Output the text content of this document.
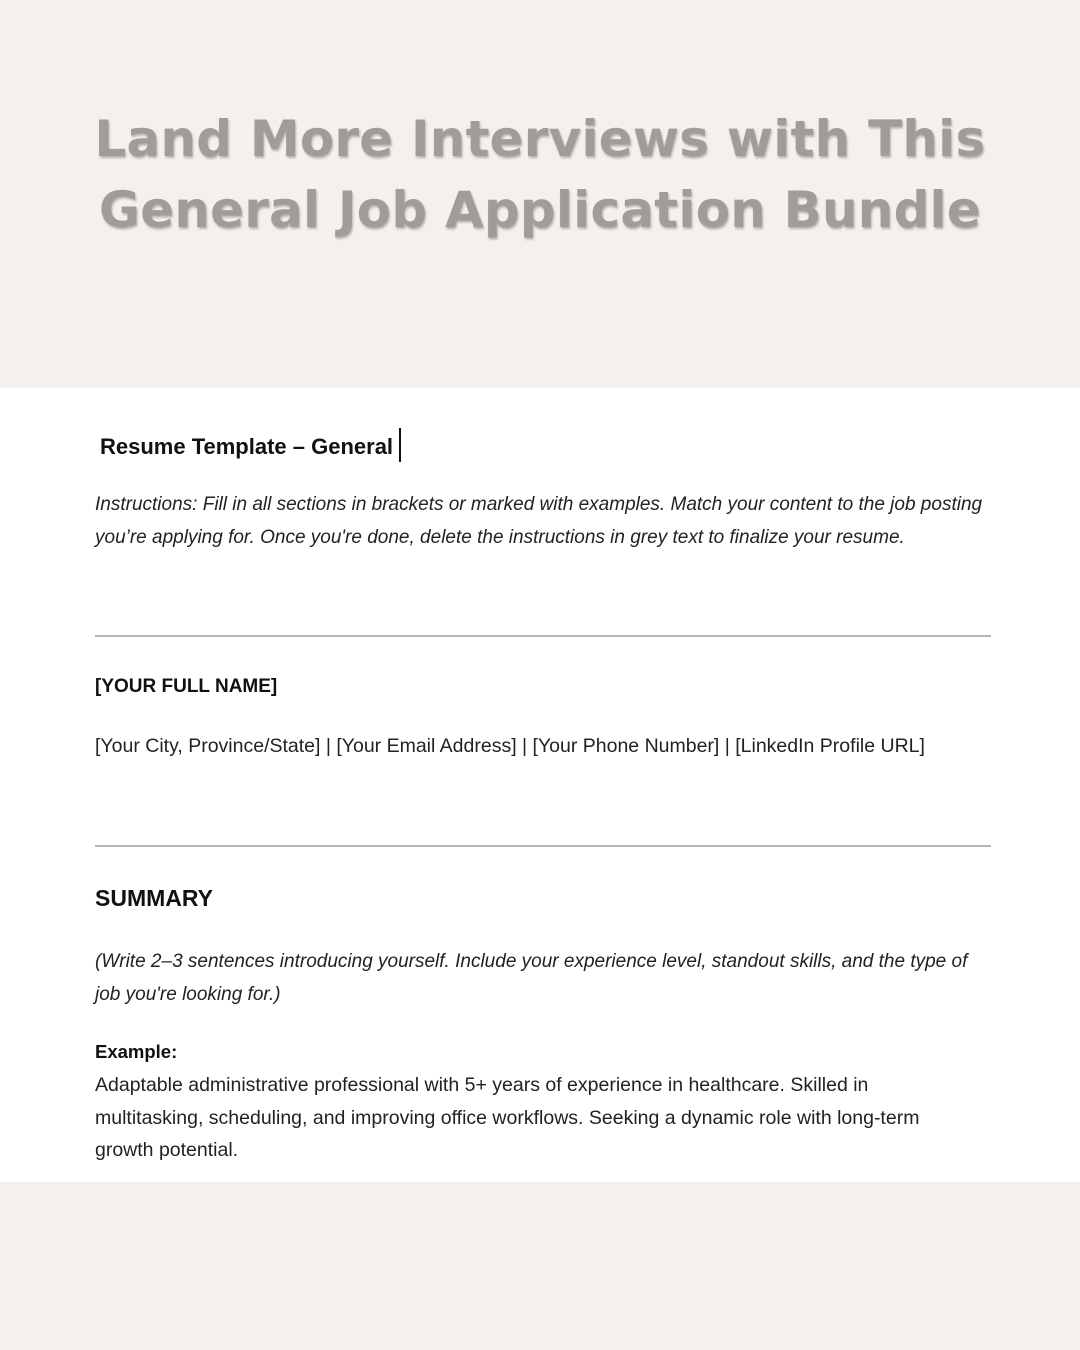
Land More Interviews with This
General Job Application Bundle
Resume Template – General
Instructions: Fill in all sections in brackets or marked with examples. Match your content to the job posting you’re applying for. Once you're done, delete the instructions in grey text to finalize your resume.
[YOUR FULL NAME]
[Your City, Province/State] | [Your Email Address] | [Your Phone Number] | [LinkedIn Profile URL]
SUMMARY
(Write 2–3 sentences introducing yourself. Include your experience level, standout skills, and the type of job you're looking for.)
Example:
Adaptable administrative professional with 5+ years of experience in healthcare. Skilled in multitasking, scheduling, and improving office workflows. Seeking a dynamic role with long-term growth potential.
